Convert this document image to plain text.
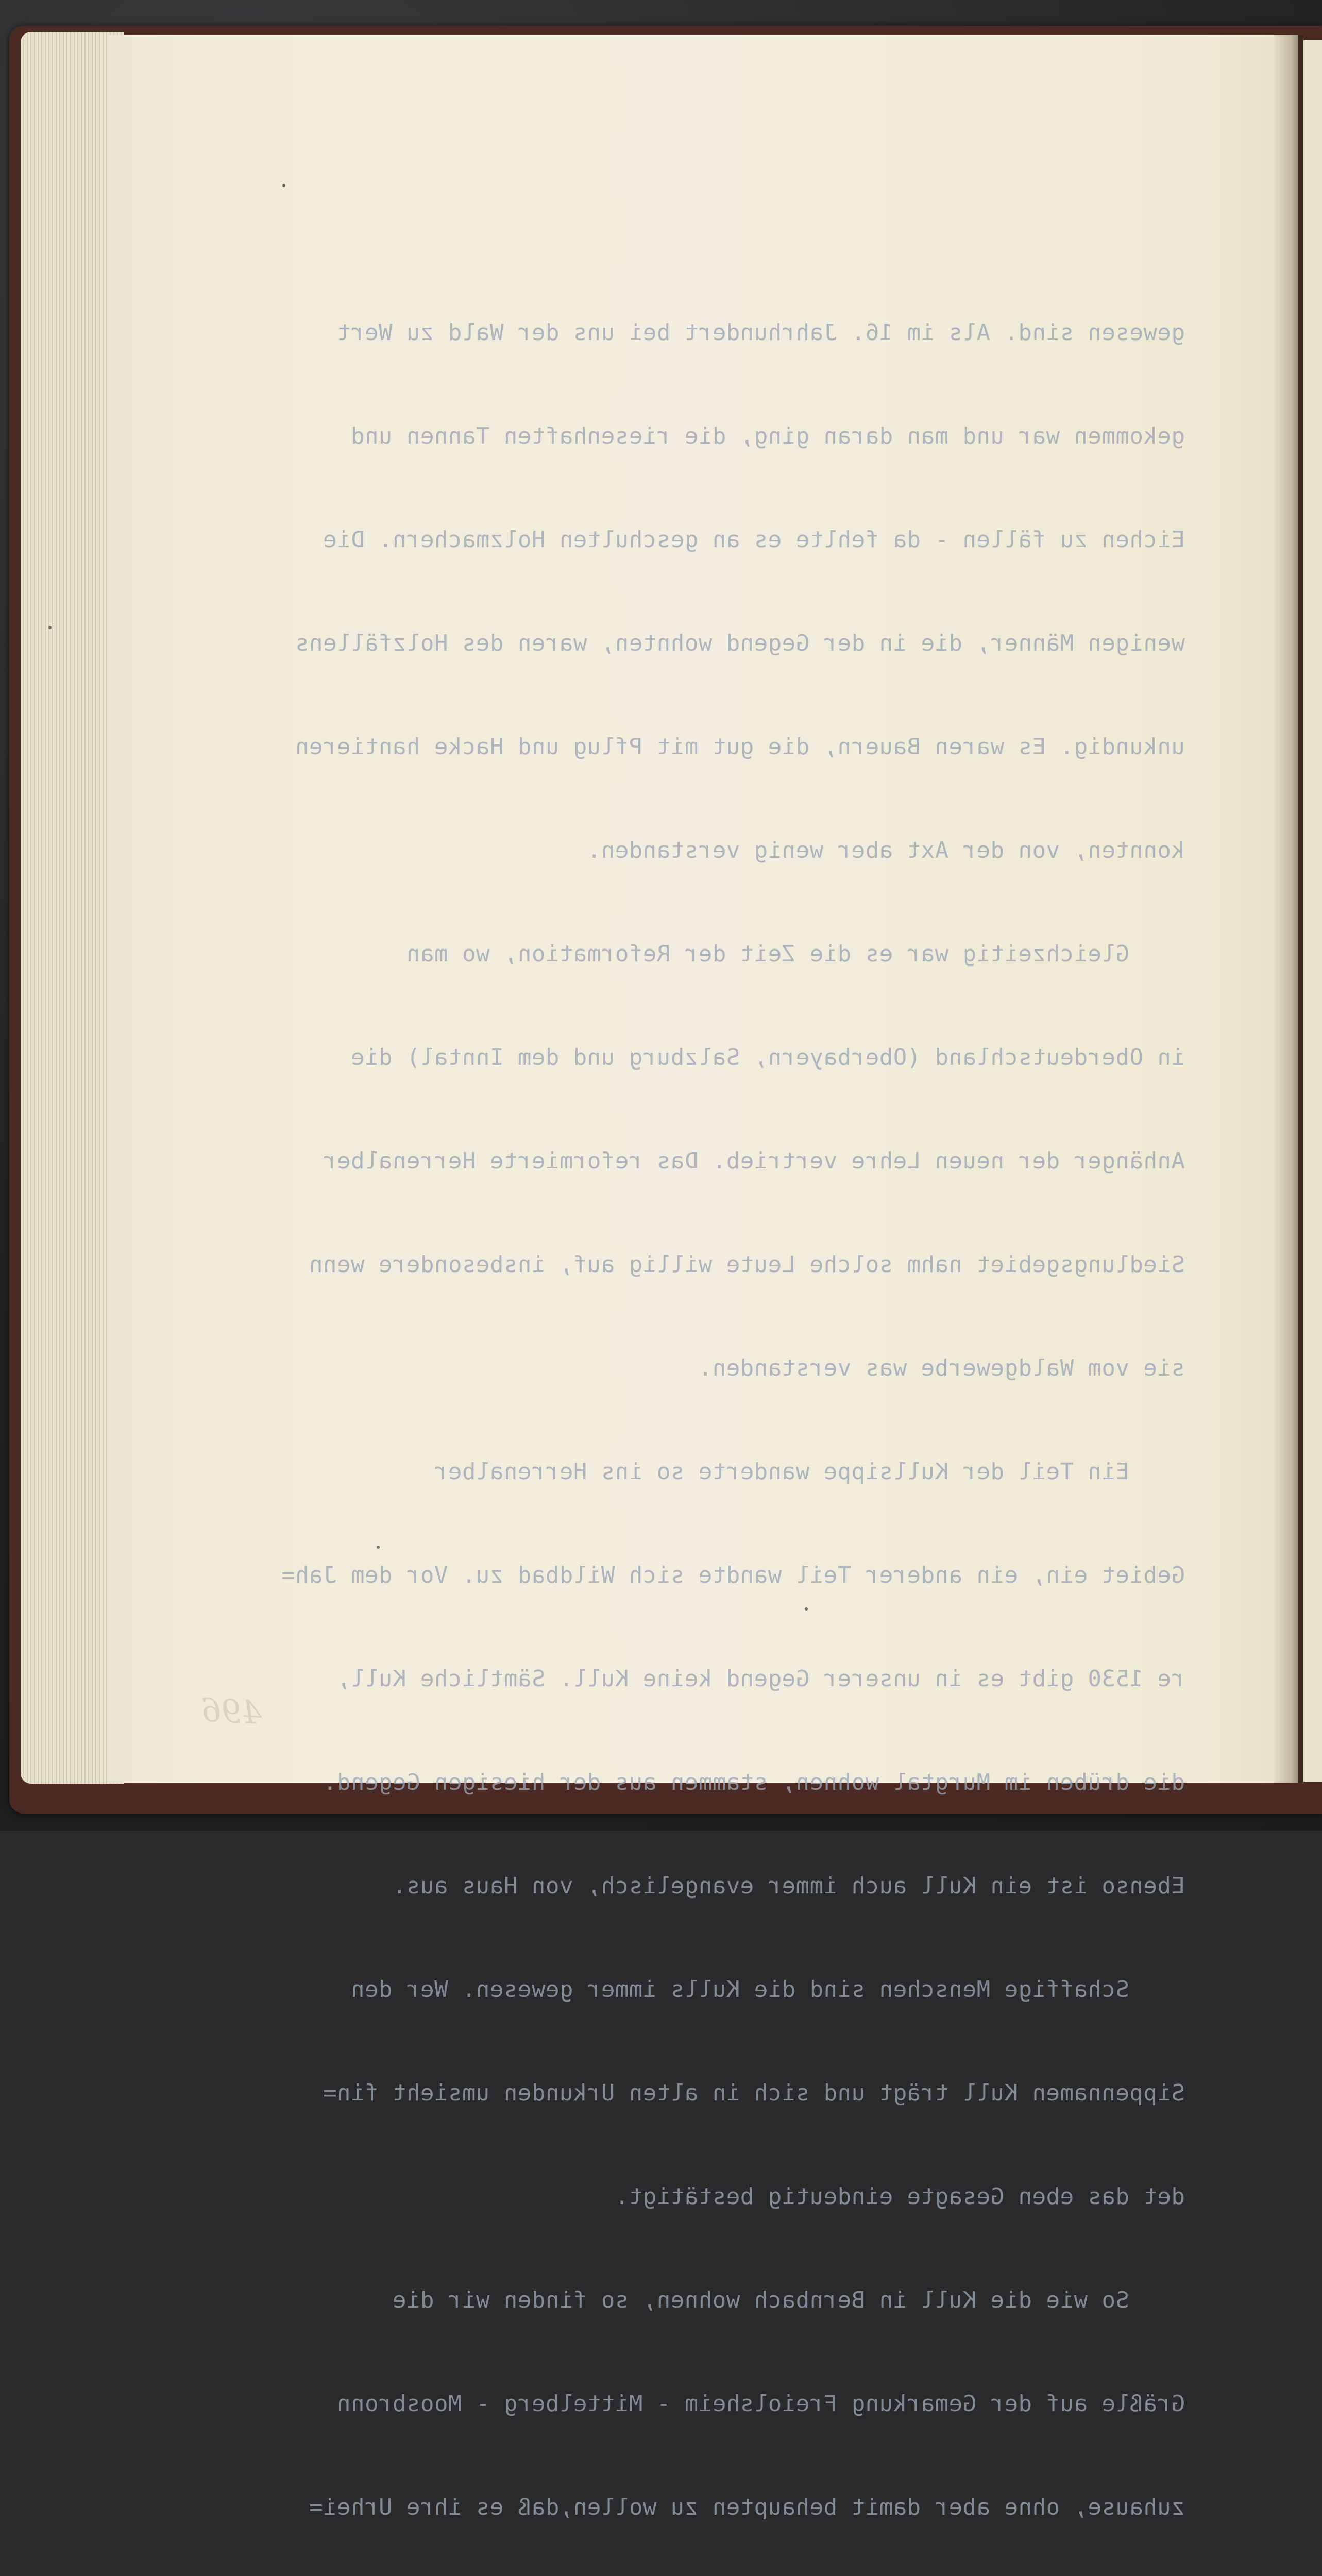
gewesen sind. Als im 16. Jahrhundert bei uns der Wald zu Wert

gekommen war und man daran ging, die riesenhaften Tannen und

Eichen zu fällen - da fehlte es an geschulten Holzmachern. Die

wenigen Männer, die in der Gegend wohnten, waren des Holzfällens

unkundig. Es waren Bauern, die gut mit Pflug und Hacke hantieren

konnten, von der Axt aber wenig verstanden.

Gleichzeitig war es die Zeit der Reformation, wo man

in Oberdeutschland (Oberbayern, Salzburg und dem Inntal) die

Anhänger der neuen Lehre vertrieb. Das reformierte Herrenalber

Siedlungsgebiet nahm solche Leute willig auf, insbesondere wenn

sie vom Waldgewerbe was verstanden.

Ein Teil der Kullsippe wanderte so ins Herrenalber

Gebiet ein, ein anderer Teil wandte sich Wildbad zu. Vor dem Jah=

re 1530 gibt es in unserer Gegend keine Kull. Sämtliche Kull,

die drüben im Murgtal wohnen, stammen aus der hiesigen Gegend.

Ebenso ist ein Kull auch immer evangelisch, von Haus aus.

Schaffige Menschen sind die Kulls immer gewesen. Wer den

Sippennamen Kull trägt und sich in alten Urkunden umsieht fin=

det das eben Gesagte eindeutig bestätigt.

So wie die Kull in Bernbach wohnen, so finden wir die

Gräßle auf der Gemarkung Freiolsheim - Mittelberg - Moosbronn

zuhause, ohne aber damit behaupten zu wollen,daß es ihre Urhei=

496
